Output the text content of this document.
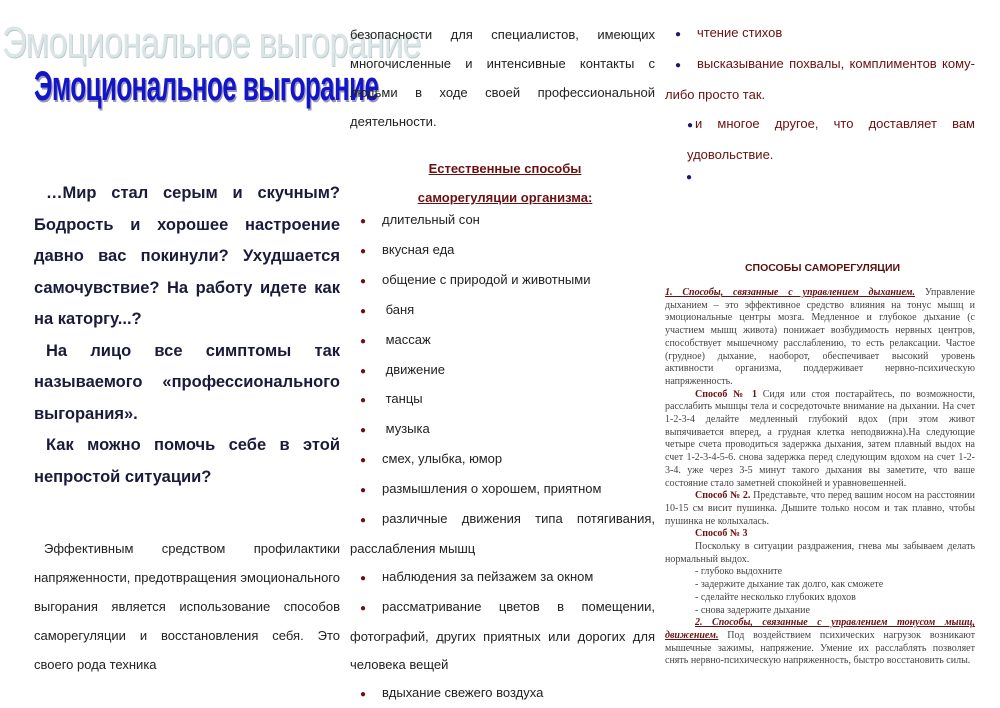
Эмоциональное выгорание
Эмоциональное выгорание

…Мир стал серым и скучным? Бодрость и хорошее настроение давно вас покинули? Ухудшается самочувствие? На работу идете как на каторгу...?

На лицо все симптомы так называемого «профессионального выгорания».

Как можно помочь себе в этой непростой ситуации?

Эффективным средством профилактики напряженности, предотвращения эмоционального выгорания является использование способов саморегуляции и восстановления себя. Это своего рода техника

безопасности для специалистов, имеющих многочисленные и интенсивные контакты с людьми в ходе своей профессиональной деятельности.

Естественные способы
саморегуляции организма:
● длительный сон
● вкусная еда
● общение с природой и животными
● баня
● массаж
● движение
● танцы
● музыка
● смех, улыбка, юмор
● размышления о хорошем, приятном
● различные движения типа потягивания, расслабления мышц
● наблюдения за пейзажем за окном
● рассматривание цветов в помещении, фотографий, других приятных или дорогих для человека вещей
● вдыхание свежего воздуха
● чтение стихов
● высказывание похвалы, комплиментов кому-либо просто так.
● и многое другое, что доставляет вам удовольствие.
●
СПОСОБЫ САМОРЕГУЛЯЦИИ

1. Способы, связанные с управлением дыханием. Управление дыханием – это эффективное средство влияния на тонус мышц и эмоциональные центры мозга. Медленное и глубокое дыхание (с участием мышц живота) понижает возбудимость нервных центров, способствует мышечному расслаблению, то есть релаксации. Частое (грудное) дыхание, наоборот, обеспечивает высокий уровень активности организма, поддерживает нервно-психическую напряженность.

Способ № 1 Сидя или стоя постарайтесь, по возможности, расслабить мышцы тела и сосредоточьте внимание на дыхании. На счет 1-2-3-4 делайте медленный глубокий вдох (при этом живот выпячивается вперед, а грудная клетка неподвижна).На следующие четыре счета проводиться задержка дыхания, затем плавный выдох на счет 1-2-3-4-5-6. снова задержка перед следующим вдохом на счет 1-2-3-4. уже через 3-5 минут такого дыхания вы заметите, что ваше состояние стало заметней спокойней и уравновешенней.

Способ № 2. Представьте, что перед вашим носом на расстоянии 10-15 см висит пушинка. Дышите только носом и так плавно, чтобы пушинка не колыхалась.

Способ № 3

Поскольку в ситуации раздражения, гнева мы забываем делать нормальный выдох.

- глубоко выдохните

- задержите дыхание так долго, как сможете

- сделайте несколько глубоких вдохов

- снова задержите дыхание

2. Способы, связанные с управлением тонусом мышц, движением. Под воздействием психических нагрузок возникают мышечные зажимы, напряжение. Умение их расслаблять позволяет снять нервно-психическую напряженность, быстро восстановить силы.
